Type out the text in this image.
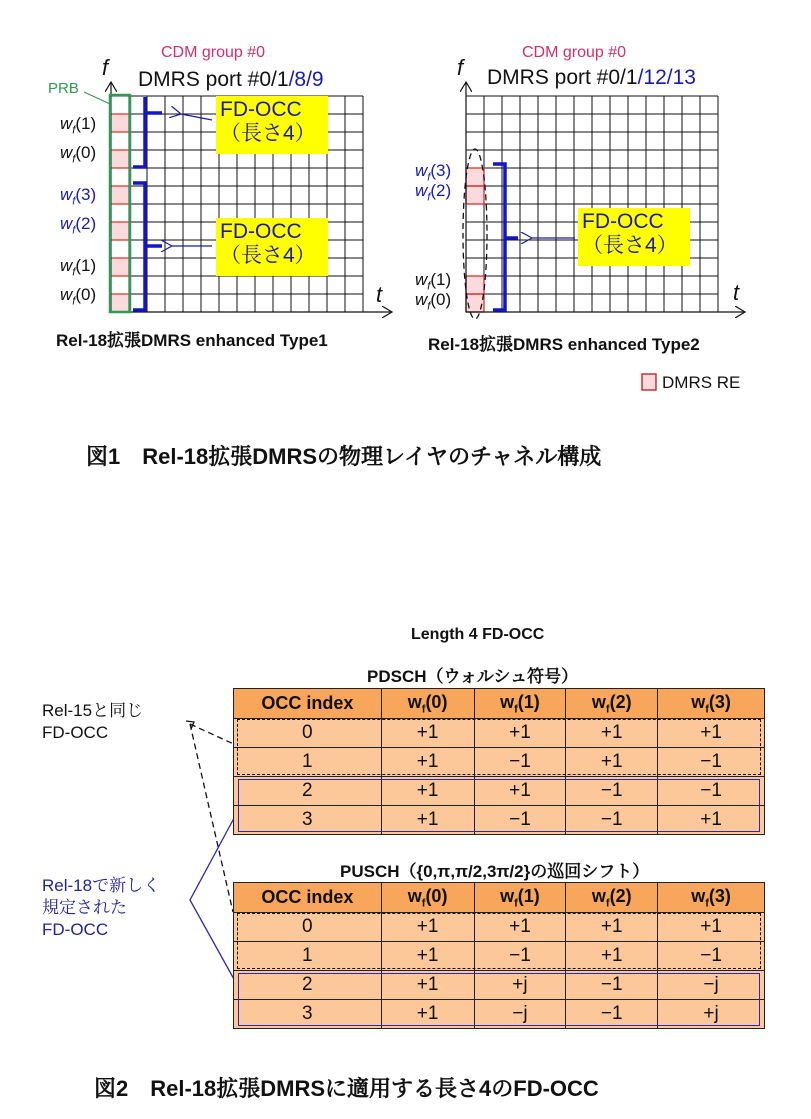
CDM group #0
f DMRS port #0/1/8/9
PRB
$w_f(1)$
$w_f(0)$
$w_f(3)$
$w_f(2)$
$w_f(1)$
$w_f(0)$
FD-OCC
（長さ4）
FD-OCC
（長さ4）
t
Rel-18拡張DMRS enhanced Type1
CDM group #0
f DMRS port #0/1/12/13
$w_f(3)$
$w_f(2)$
$w_f(1)$
$w_f(0)$
FD-OCC
（長さ4）
t
Rel-18拡張DMRS enhanced Type2
DMRS RE
図1　Rel-18拡張DMRSの物理レイヤのチャネル構成
Length 4 FD-OCC
PDSCH（ウォルシュ符号）
Rel-15と同じ
FD-OCC
Rel-18で新しく
規定された
FD-OCC
OCC index	$w_f(0)$	$w_f(1)$	$w_f(2)$	$w_f(3)$
0	+1	+1	+1	+1
1	+1	−1	+1	−1
2	+1	+1	−1	−1
3	+1	−1	−1	+1
PUSCH（{0,π,π/2,3π/2}の巡回シフト）
OCC index	$w_f(0)$	$w_f(1)$	$w_f(2)$	$w_f(3)$
0	+1	+1	+1	+1
1	+1	−1	+1	−1
2	+1	+j	−1	−j
3	+1	−j	−1	+j
図2　Rel-18拡張DMRSに適用する長さ4のFD-OCC
